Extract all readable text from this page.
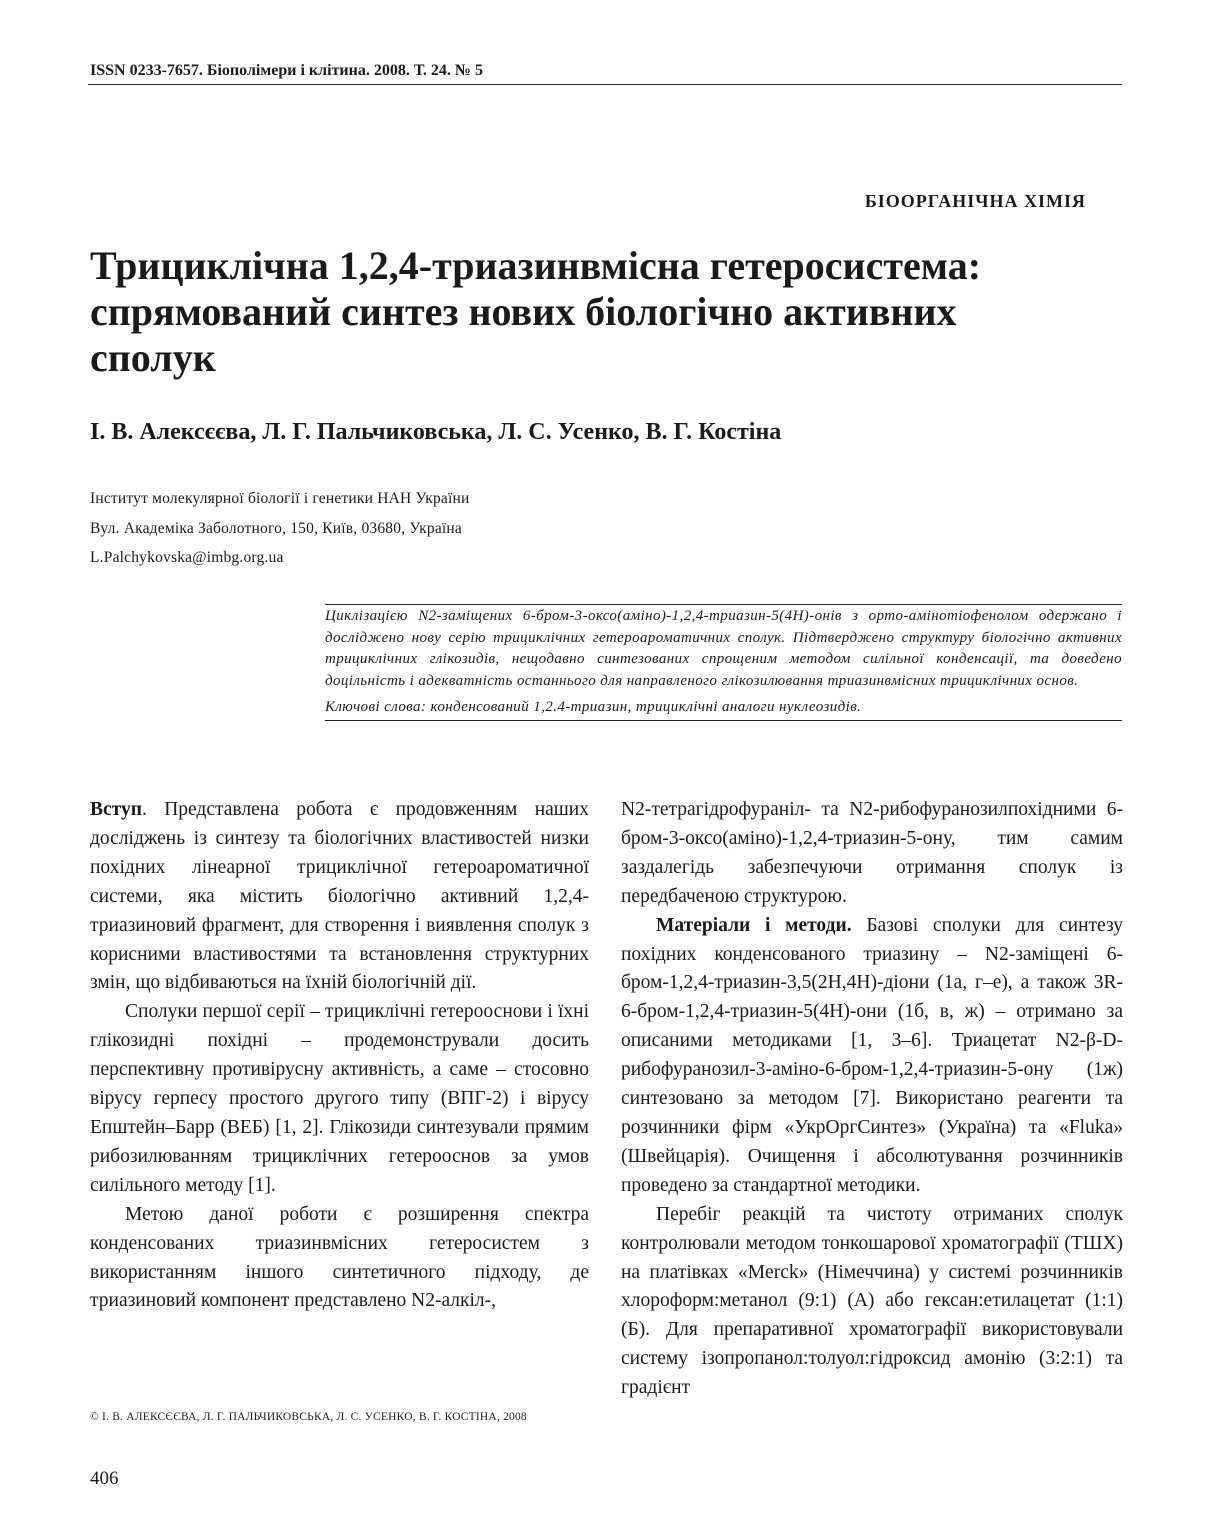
ISSN 0233-7657. Біополімери і клітина. 2008. Т. 24. № 5
БІООРГАНІЧНА ХІМІЯ
Трициклічна 1,2,4-триазинвмісна гетеросистема:
спрямований синтез нових біологічно активних
сполук
І. В. Алексєєва, Л. Г. Пальчиковська, Л. С. Усенко, В. Г. Костіна
Інститут молекулярної біології і генетики НАН України
Вул. Академіка Заболотного, 150, Київ, 03680, Україна
L.Palchykovska@imbg.org.ua
Циклізацією N2-заміщених 6-бром-3-оксо(аміно)-1,2,4-триазин-5(4Н)-онів з орто-амінотіофенолом одержано і досліджено нову серію трициклічних гетероароматичних сполук. Підтверджено структуру біологічно активних трициклічних глікозидів, нещодавно синтезованих спрощеним методом силільної конденсації, та доведено доцільність і адекватність останнього для направленого глікозилювання триазинвмісних трициклічних основ.
Ключові слова: конденсований 1,2.4-триазин, трициклічні аналоги нуклеозидів.

Вступ. Представлена робота є продовженням наших досліджень із синтезу та біологічних властивостей низки похідних лінеарної трициклічної гетероароматичної системи, яка містить біологічно активний 1,2,4-триазиновий фрагмент, для створення і виявлення сполук з корисними властивостями та встановлення структурних змін, що відбиваються на їхній біологічній дії.

Сполуки першої серії – трициклічні гетерооснови і їхні глікозидні похідні – продемонстрували досить перспективну противірусну активність, а саме – стосовно вірусу герпесу простого другого типу (ВПГ-2) і вірусу Епштейн–Барр (ВЕБ) [1, 2]. Глікозиди синтезували прямим рибозилюванням трициклічних гетерооснов за умов силільного методу [1].

Метою даної роботи є розширення спектра конденсованих триазинвмісних гетеросистем з використанням іншого синтетичного підходу, де триазиновий компонент представлено N2-алкіл-,

N2-тетрагідрофураніл- та N2-рибофуранозилпохідними 6-бром-3-оксо(аміно)-1,2,4-триазин-5-ону, тим самим заздалегідь забезпечуючи отримання сполук із передбаченою структурою.

Матеріали і методи. Базові сполуки для синтезу похідних конденсованого триазину – N2-заміщені 6-бром-1,2,4-триазин-3,5(2Н,4Н)-діони (1а, г–е), а також 3R-6-бром-1,2,4-триазин-5(4Н)-они (1б, в, ж) – отримано за описаними методиками [1, 3–6]. Триацетат N2-β-D-рибофуранозил-3-аміно-6-бром-1,2,4-триазин-5-ону (1ж) синтезовано за методом [7]. Використано реагенти та розчинники фірм «УкрОргСинтез» (Україна) та «Fluka» (Швейцарія). Очищення і абсолютування розчинників проведено за стандартної методики.

Перебіг реакцій та чистоту отриманих сполук контролювали методом тонкошарової хроматографії (ТШХ) на платівках «Merck» (Німеччина) у системі розчинників хлороформ:метанол (9:1) (А) або гексан:етилацетат (1:1) (Б). Для препаративної хроматографії використовували систему ізопропанол:толуол:гідроксид амонію (3:2:1) та градієнт

© І. В. АЛЕКСЄЄВА, Л. Г. ПАЛЬЧИКОВСЬКА, Л. С. УСЕНКО, В. Г. КОСТІНА, 2008
406
